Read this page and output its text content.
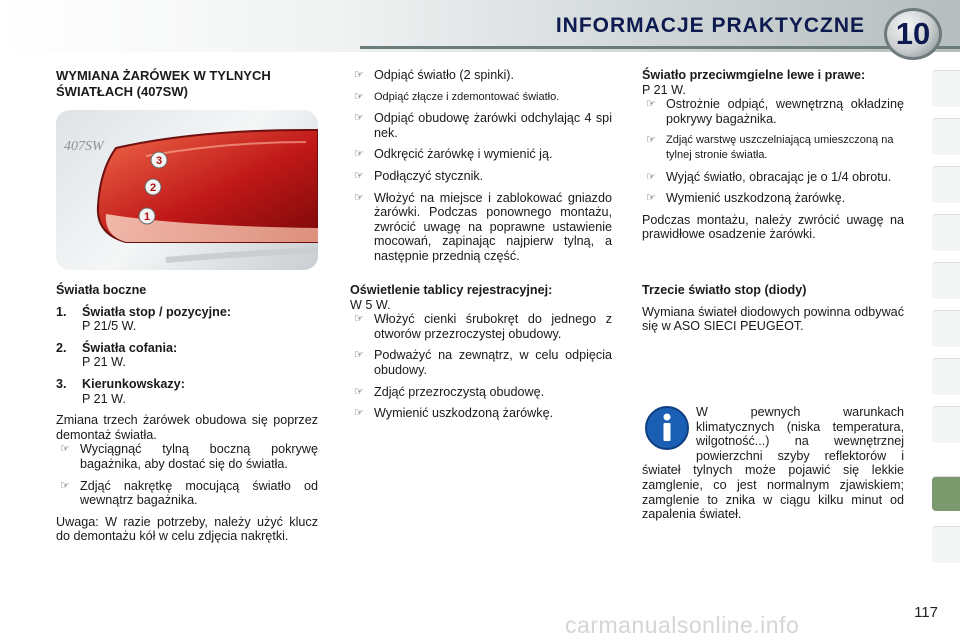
INFORMACJE PRAKTYCZNE 10

WYMIANA ŻARÓWEK W TYLNYCH ŚWIATŁACH (407SW)

3
2
1
407SW

Światła boczne

1. Światła stop / pozycyjne:

P 21/5 W.

2. Światła cofania:

P 21 W.

3. Kierunkowskazy:

P 21 W.

Zmiana trzech żarówek obudowa się poprzez demontaż światła.

☞ Wyciągnąć tylną boczną pokrywę bagażnika, aby dostać się do światła.

☞ Zdjąć nakrętkę mocującą światło od wewnątrz bagażnika.

Uwaga: W razie potrzeby, należy użyć klucz do demontażu kół w celu zdjęcia nakrętki.

☞ Odpiąć światło (2 spinki).

☞ Odpiąć złącze i zdemontować światło.

☞ Odpiąć obudowę żarówki odchylając 4 spi nek.

☞ Odkręcić żarówkę i wymienić ją.

☞ Podłączyć stycznik.

☞ Włożyć na miejsce i zablokować gniazdo żarówki. Podczas ponownego montażu, zwrócić uwagę na poprawne ustawienie mocowań, zapinając najpierw tylną, a następnie przednią część.

Oświetlenie tablicy rejestracyjnej:

W 5 W.

☞ Włożyć cienki śrubokręt do jednego z otworów przezroczystej obudowy.

☞ Podważyć na zewnątrz, w celu odpięcia obudowy.

☞ Zdjąć przezroczystą obudowę.

☞ Wymienić uszkodzoną żarówkę.

Światło przeciwmgielne lewe i prawe:

P 21 W.

☞ Ostrożnie odpiąć, wewnętrzną okładzinę pokrywy bagażnika.

☞ Zdjąć warstwę uszczelniającą umieszczoną na tylnej stronie światła.

☞ Wyjąć światło, obracając je o 1/4 obrotu.

☞ Wymienić uszkodzoną żarówkę.

Podczas montażu, należy zwrócić uwagę na prawidłowe osadzenie żarówki.

Trzecie światło stop (diody)

Wymiana świateł diodowych powinna odbywać się w ASO SIECI PEUGEOT.

W pewnych warunkach klimatycznych (niska temperatura, wilgotność...) na wewnętrznej powierzchni szyby reflektorów i świateł tylnych może pojawić się lekkie zamglenie, co jest normalnym zjawiskiem; zamglenie to znika w ciągu kilku minut od zapalenia świateł.

117
carmanualsonline.info
